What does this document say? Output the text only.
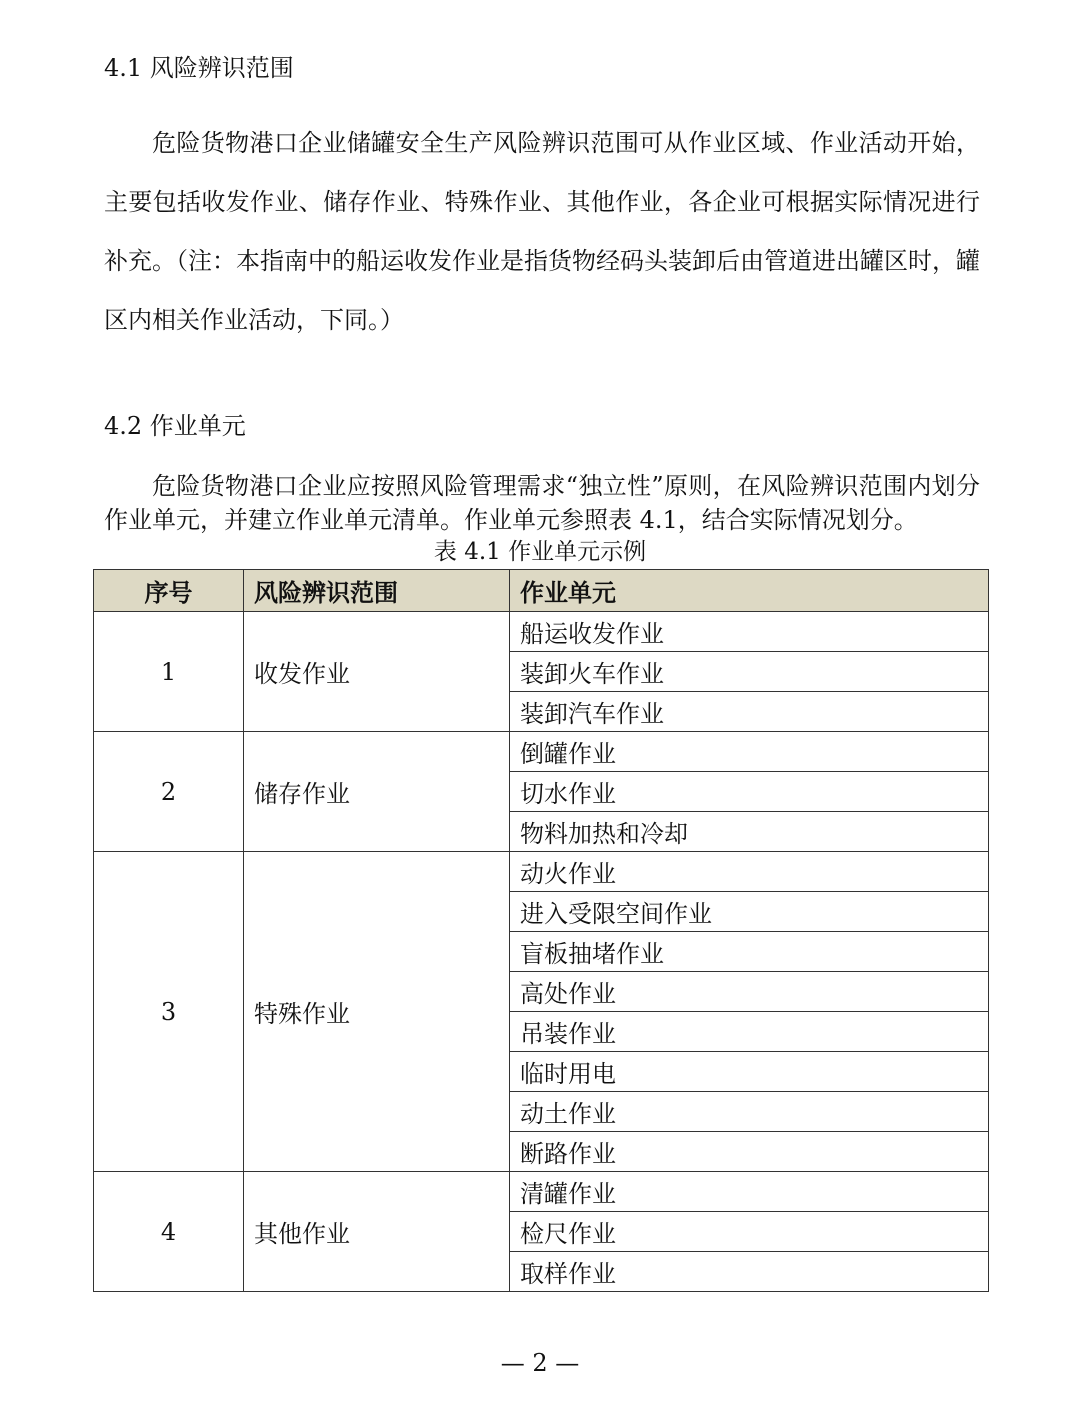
4.1 风险辨识范围
危险货物港口企业储罐安全生产风险辨识范围可从作业区域、作业活动开始，主要包括收发作业、储存作业、特殊作业、其他作业，各企业可根据实际情况进行补充。（注：本指南中的船运收发作业是指货物经码头装卸后由管道进出罐区时，罐区内相关作业活动，下同。）
4.2 作业单元
危险货物港口企业应按照风险管理需求“独立性”原则，在风险辨识范围内划分作业单元，并建立作业单元清单。作业单元参照表 4.1，结合实际情况划分。
表 4.1 作业单元示例
序号	风险辨识范围	作业单元
1	收发作业	船运收发作业
		装卸火车作业
		装卸汽车作业
2	储存作业	倒罐作业
		切水作业
		物料加热和冷却
3	特殊作业	动火作业
		进入受限空间作业
		盲板抽堵作业
		高处作业
		吊装作业
		临时用电
		动土作业
		断路作业
4	其他作业	清罐作业
		检尺作业
		取样作业
— 2 —
